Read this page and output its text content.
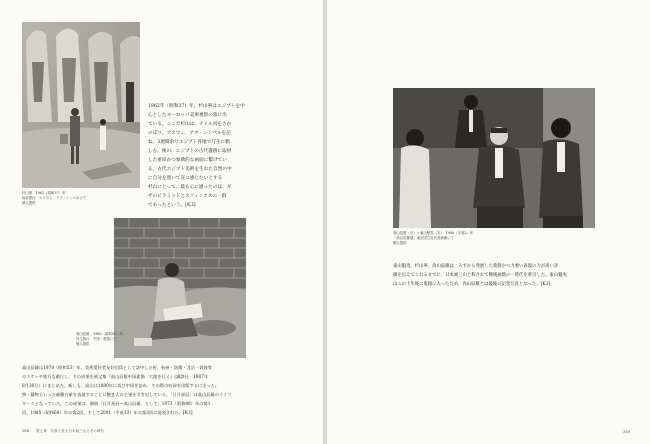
杉山寧　1962（昭和37）年
取材旅行　エジプト　アブ・シンベルにて
個人提供
1962年（昭和37）年、杉山寧はエジプトを中
心としたヨーロッパ美術視察の旅に出
ている。ここで杉山は、ナイル河をさか
のぼり、アスワン、アブ・シンベルを訪
ね、3週間余りエジプト各地で写生に勤
しむ。後の、エジプトの古代遺跡に取材
した重厚かつ象徴的な画面に繋げてい
る。古代エジプト美術を生れた自然の中
に自分を置いて直に感じたいとする
杉山にとって、最も心に適ったのは、ギ
ザのピラミッドとスフィンクスの一群
であったという。[K.I]
高山辰雄　1980（昭和55）年
写生旅行　中国・敦煌にて
個人提供
高山辰雄は1978（昭和53）年、美術愛好者友好団員として訪中した折、杭州・洛陽・北京・敦煌等
のスケッチ旅行も敢行し、その成果を画文集『高山辰雄中国素描　大地を行く』(講談社　1987年
8月30日）にまとめた。新しも、高山は1980年に再び中国を訪れ、その際の収録を出版するに至った。
物・静物といった森羅万象を表現することに飽き人の主張を引き出している。「日月星辰」は高山辰雄のライフ
ワークとなっていた。この成果は、個展「日月星辰―高山辰雄」として、1973（昭和48）年の第1
回、1985（昭和60）年の第2回、そして2001（平成13）年の第3回に発表された。[K.I]
268　　第七章　写真で見る日本画三山とその時代
高山辰雄（左）と東山魁夷（右）　1990（平成2）年
「高山辰雄展」東京国立近代美術館にて
個人提供
東山魁夷、杉山寧、高山辰雄は、みずから発展した新鮮かつ力強い表現の力が高い評
価を伝えてくれるまでに、日本画三山と称されて戦後画壇の一時代を牽引した。東山魁夷
はこの十年後に鬼籍に入ったため、高山辰雄とは最後の記念写真となった。[K.I]
269
